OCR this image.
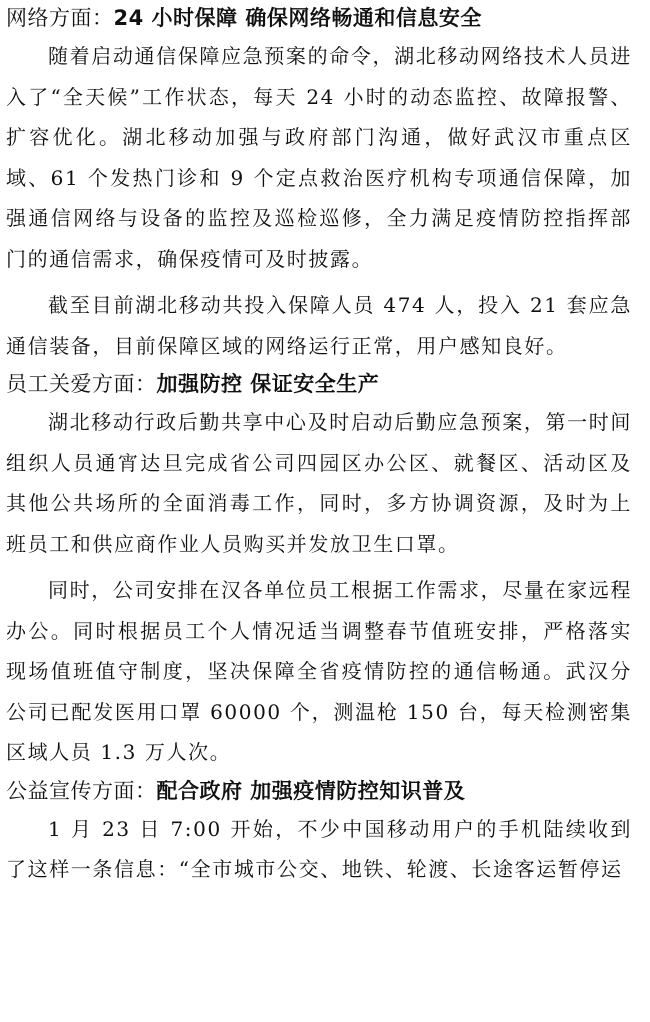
网络方面：24 小时保障 确保网络畅通和信息安全

随着启动通信保障应急预案的命令，湖北移动网络技术人员进入了“全天候”工作状态，每天 24 小时的动态监控、故障报警、扩容优化。湖北移动加强与政府部门沟通，做好武汉市重点区域、61 个发热门诊和 9 个定点救治医疗机构专项通信保障，加强通信网络与设备的监控及巡检巡修，全力满足疫情防控指挥部门的通信需求，确保疫情可及时披露。

截至目前湖北移动共投入保障人员 474 人，投入 21 套应急通信装备，目前保障区域的网络运行正常，用户感知良好。

员工关爱方面：加强防控 保证安全生产

湖北移动行政后勤共享中心及时启动后勤应急预案，第一时间组织人员通宵达旦完成省公司四园区办公区、就餐区、活动区及其他公共场所的全面消毒工作，同时，多方协调资源，及时为上班员工和供应商作业人员购买并发放卫生口罩。

同时，公司安排在汉各单位员工根据工作需求，尽量在家远程办公。同时根据员工个人情况适当调整春节值班安排，严格落实现场值班值守制度，坚决保障全省疫情防控的通信畅通。武汉分公司已配发医用口罩 60000 个，测温枪 150 台，每天检测密集区域人员 1.3 万人次。

公益宣传方面：配合政府 加强疫情防控知识普及

1 月 23 日 7:00 开始，不少中国移动用户的手机陆续收到了这样一条信息：“全市城市公交、地铁、轮渡、长途客运暂停运
